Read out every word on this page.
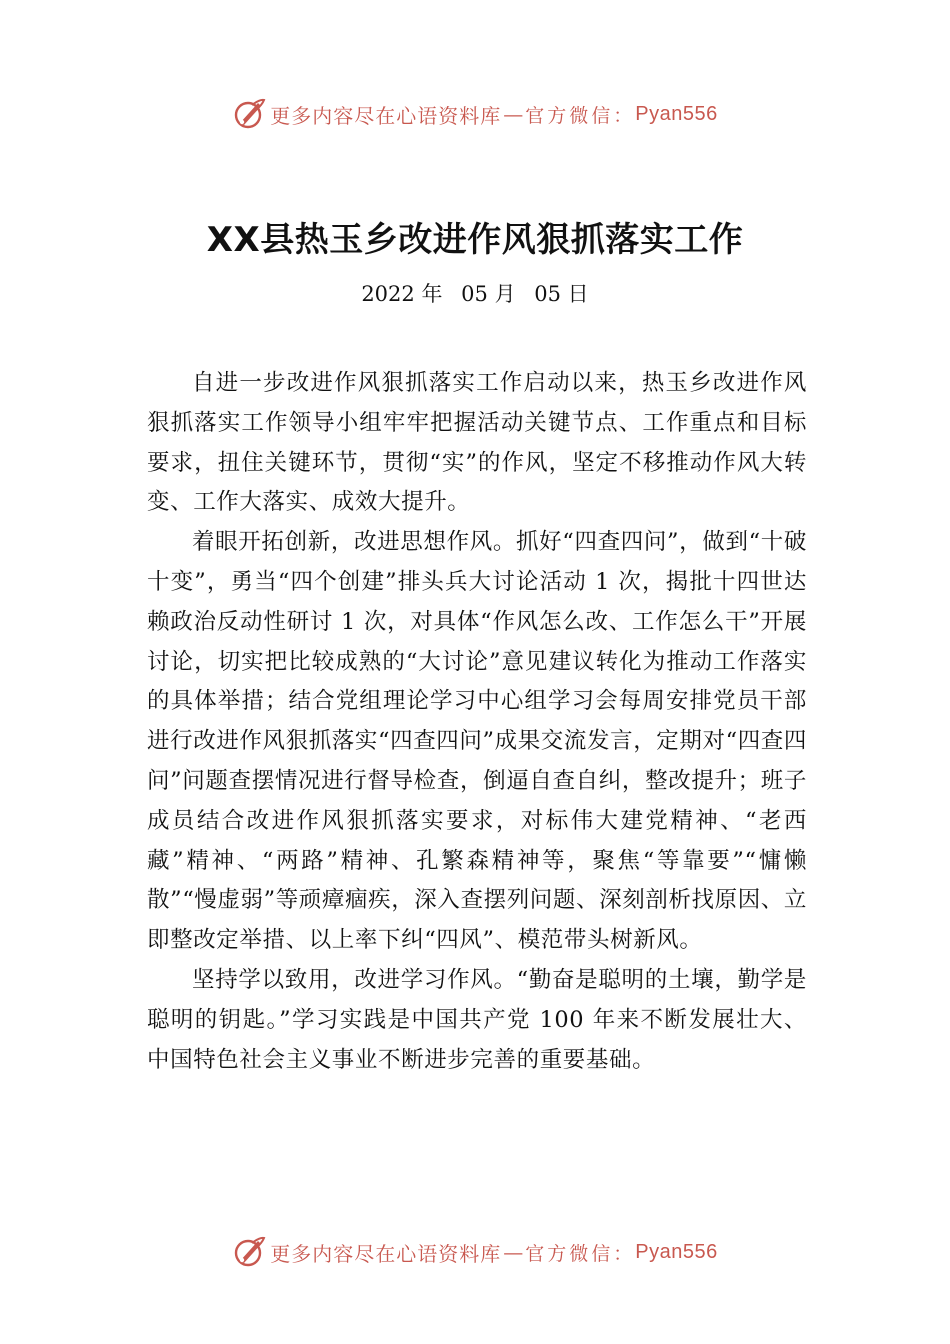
更多内容尽在心语资料库 — 官方微信： Pyan556
XX县热玉乡改进作风狠抓落实工作
2022 年 05 月 05 日

自进一步改进作风狠抓落实工作启动以来，热玉乡改进作风狠抓落实工作领导小组牢牢把握活动关键节点、工作重点和目标要求，扭住关键环节，贯彻“实”的作风，坚定不移推动作风大转变、工作大落实、成效大提升。

着眼开拓创新，改进思想作风。抓好“四查四问”，做到“十破十变”，勇当“四个创建”排头兵大讨论活动 1 次，揭批十四世达赖政治反动性研讨 1 次，对具体“作风怎么改、工作怎么干”开展讨论，切实把比较成熟的“大讨论”意见建议转化为推动工作落实的具体举措；结合党组理论学习中心组学习会每周安排党员干部进行改进作风狠抓落实“四查四问”成果交流发言，定期对“四查四问”问题查摆情况进行督导检查，倒逼自查自纠，整改提升；班子成员结合改进作风狠抓落实要求，对标伟大建党精神、“老西藏”精神、“两路”精神、孔繁森精神等，聚焦“等靠要”“慵懒散”“慢虚弱”等顽瘴痼疾，深入查摆列问题、深刻剖析找原因、立即整改定举措、以上率下纠“四风”、模范带头树新风。

坚持学以致用，改进学习作风。“勤奋是聪明的土壤，勤学是聪明的钥匙。”学习实践是中国共产党 100 年来不断发展壮大、中国特色社会主义事业不断进步完善的重要基础。

更多内容尽在心语资料库 — 官方微信： Pyan556
